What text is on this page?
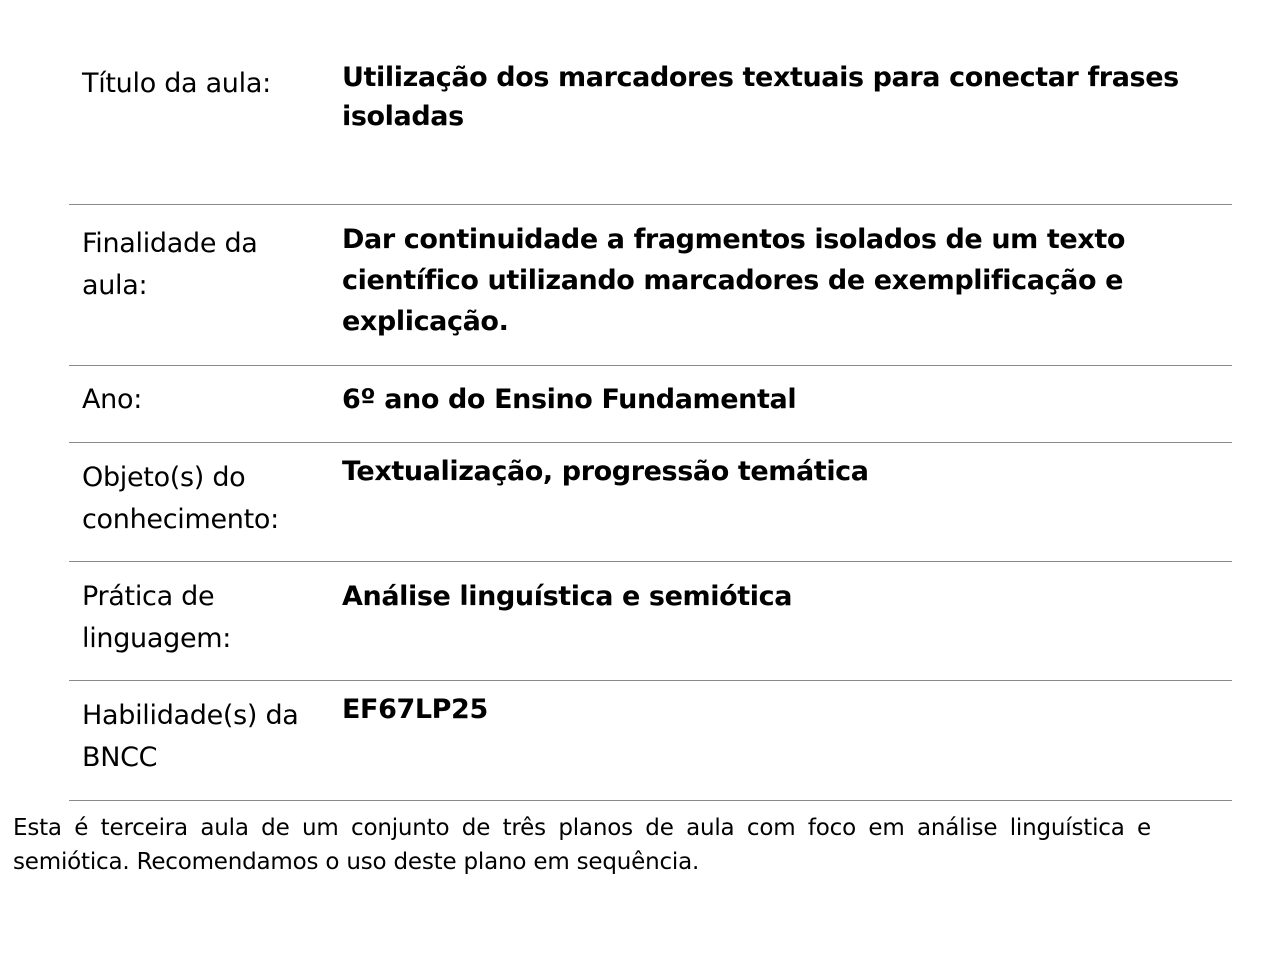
Título da aula:	Utilização dos marcadores textuais para conectar frases isoladas
Finalidade da aula:
Dar continuidade a fragmentos isolados de um texto científico utilizando marcadores de exemplificação e explicação.
Ano:	6º ano do Ensino Fundamental
Objeto(s) do conhecimento:
Textualização, progressão temática
Prática de linguagem:
Análise linguística e semiótica
Habilidade(s) da BNCC
EF67LP25
Esta é terceira aula de um conjunto de três planos de aula com foco em análise linguística e semiótica. Recomendamos o uso deste plano em sequência.
